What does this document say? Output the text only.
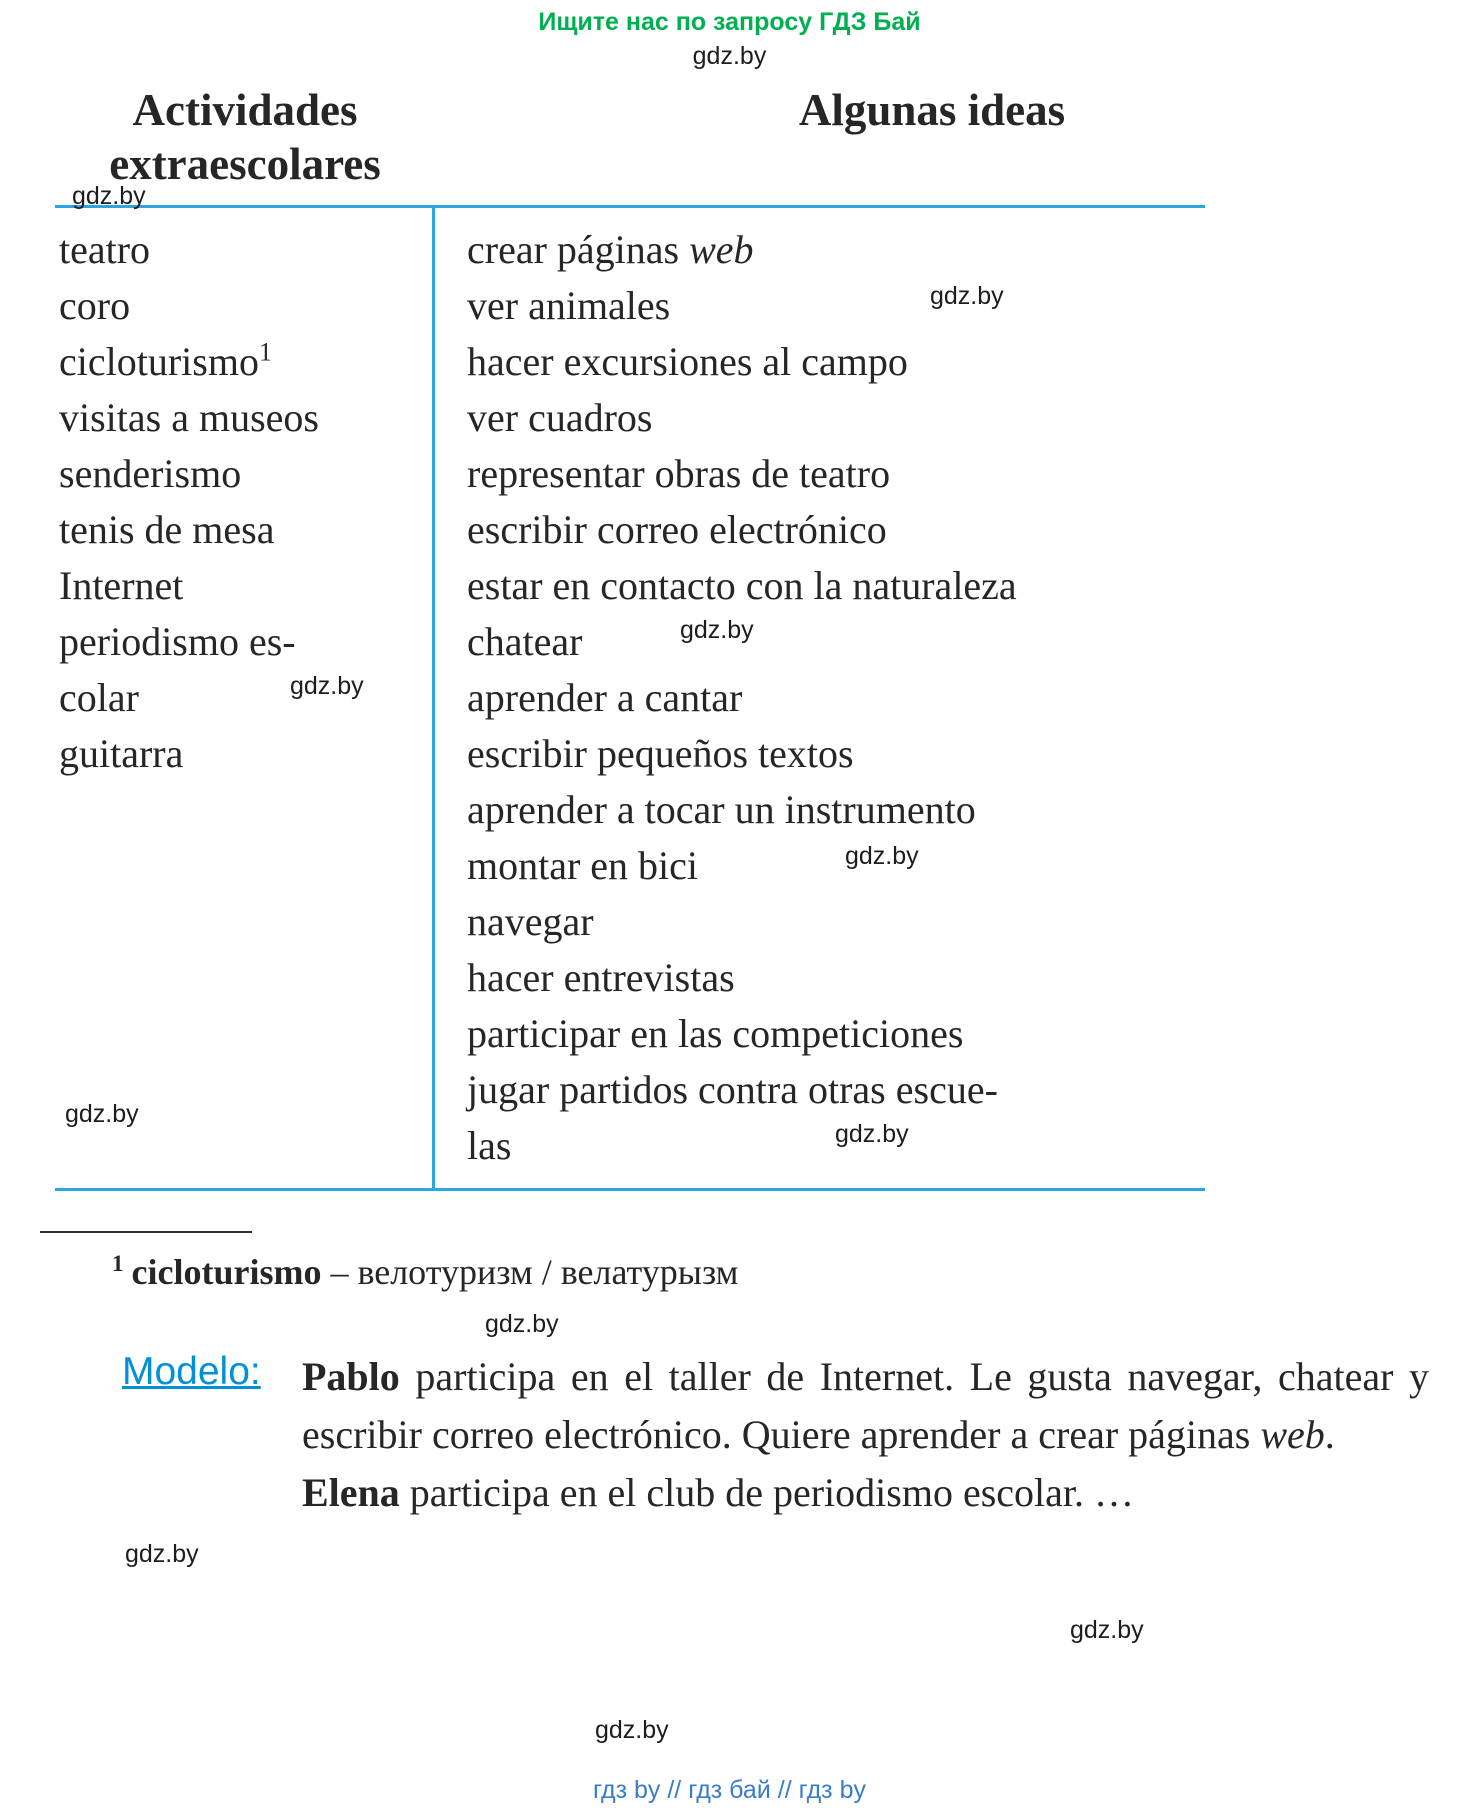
Ищите нас по запросу ГДЗ Бай
gdz.by
Actividades extraescolares
Algunas ideas
teatro
coro
cicloturismo$^1$
visitas a museos
senderismo
tenis de mesa
Internet
periodismo es-
colar
guitarra
crear páginas web
ver animales
hacer excursiones al campo
ver cuadros
representar obras de teatro
escribir correo electrónico
estar en contacto con la naturaleza
chatear
aprender a cantar
escribir pequeños textos
aprender a tocar un instrumento
montar en bici
navegar
hacer entrevistas
participar en las competiciones
jugar partidos contra otras escue-
las
$^1$ cicloturismo – велотуризм / велатурызм
Modelo:	Pablo participa en el taller de Internet. Le gusta navegar, chatear y escribir correo electrónico. Quiere aprender a crear páginas web.
Elena participa en el club de periodismo escolar. …
gdz.by
gdz.by
gdz.by
gdz.by
gdz.by
gdz.by
gdz.by
gdz.by
gdz.by
gdz.by
gdz.by
гдз by // гдз бай // гдз by
